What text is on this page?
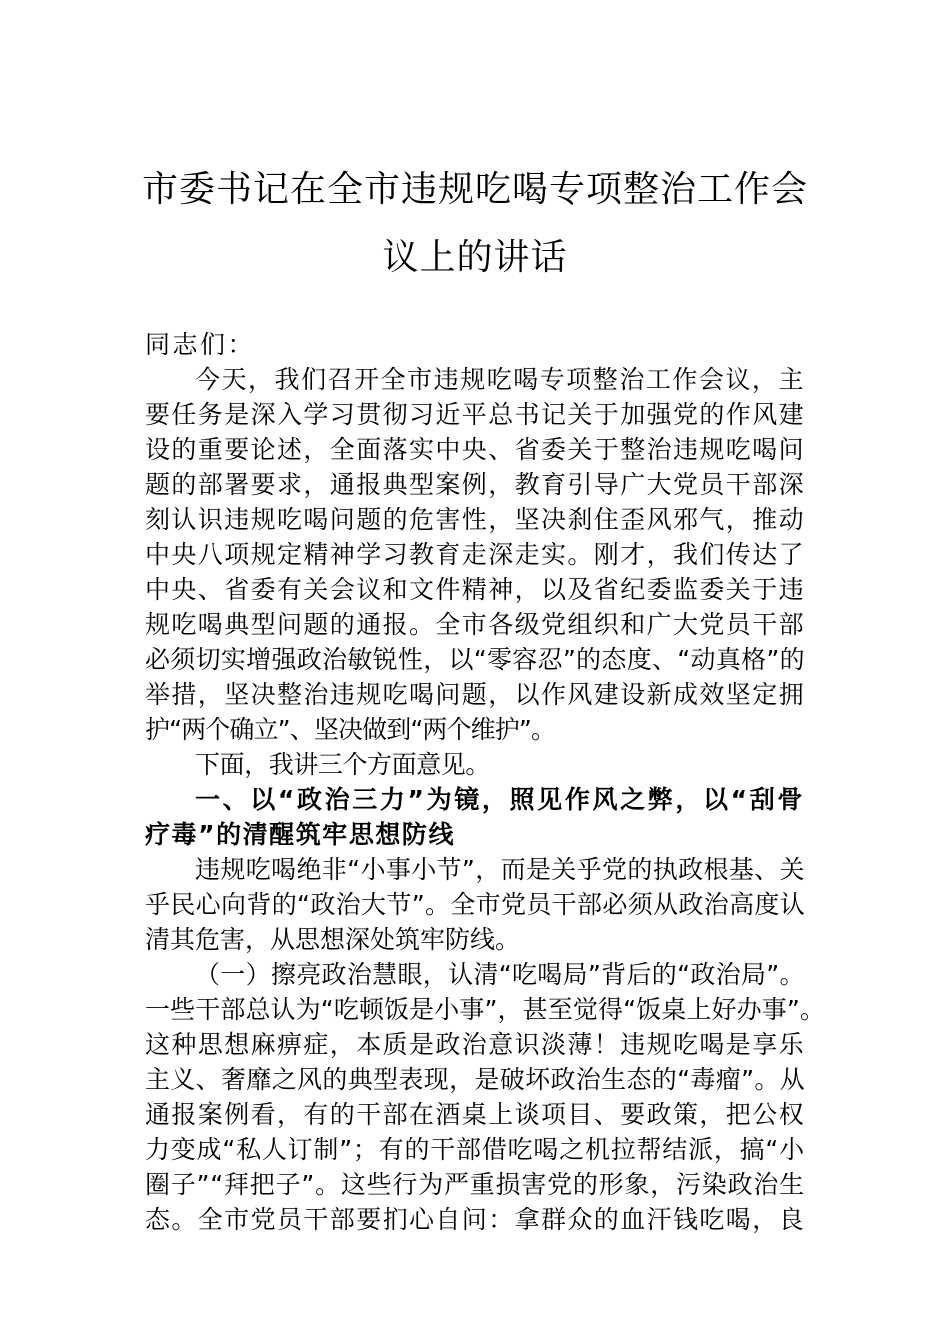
市委书记在全市违规吃喝专项整治工作会
议上的讲话
同志们：
今天，我们召开全市违规吃喝专项整治工作会议，主
要任务是深入学习贯彻习近平总书记关于加强党的作风建
设的重要论述，全面落实中央、省委关于整治违规吃喝问
题的部署要求，通报典型案例，教育引导广大党员干部深
刻认识违规吃喝问题的危害性，坚决刹住歪风邪气，推动
中央八项规定精神学习教育走深走实。刚才，我们传达了
中央、省委有关会议和文件精神，以及省纪委监委关于违
规吃喝典型问题的通报。全市各级党组织和广大党员干部
必须切实增强政治敏锐性，以“零容忍”的态度、“动真格”的
举措，坚决整治违规吃喝问题，以作风建设新成效坚定拥
护“两个确立”、坚决做到“两个维护”。
下面，我讲三个方面意见。
一、以“政治三力”为镜，照见作风之弊，以“刮骨
疗毒”的清醒筑牢思想防线
违规吃喝绝非“小事小节”，而是关乎党的执政根基、关
乎民心向背的“政治大节”。全市党员干部必须从政治高度认
清其危害，从思想深处筑牢防线。
（一）擦亮政治慧眼，认清“吃喝局”背后的“政治局”。
一些干部总认为“吃顿饭是小事”，甚至觉得“饭桌上好办事”。
这种思想麻痹症，本质是政治意识淡薄！违规吃喝是享乐
主义、奢靡之风的典型表现，是破坏政治生态的“毒瘤”。从
通报案例看，有的干部在酒桌上谈项目、要政策，把公权
力变成“私人订制”；有的干部借吃喝之机拉帮结派，搞“小
圈子”“拜把子”。这些行为严重损害党的形象，污染政治生
态。全市党员干部要扪心自问：拿群众的血汗钱吃喝，良
